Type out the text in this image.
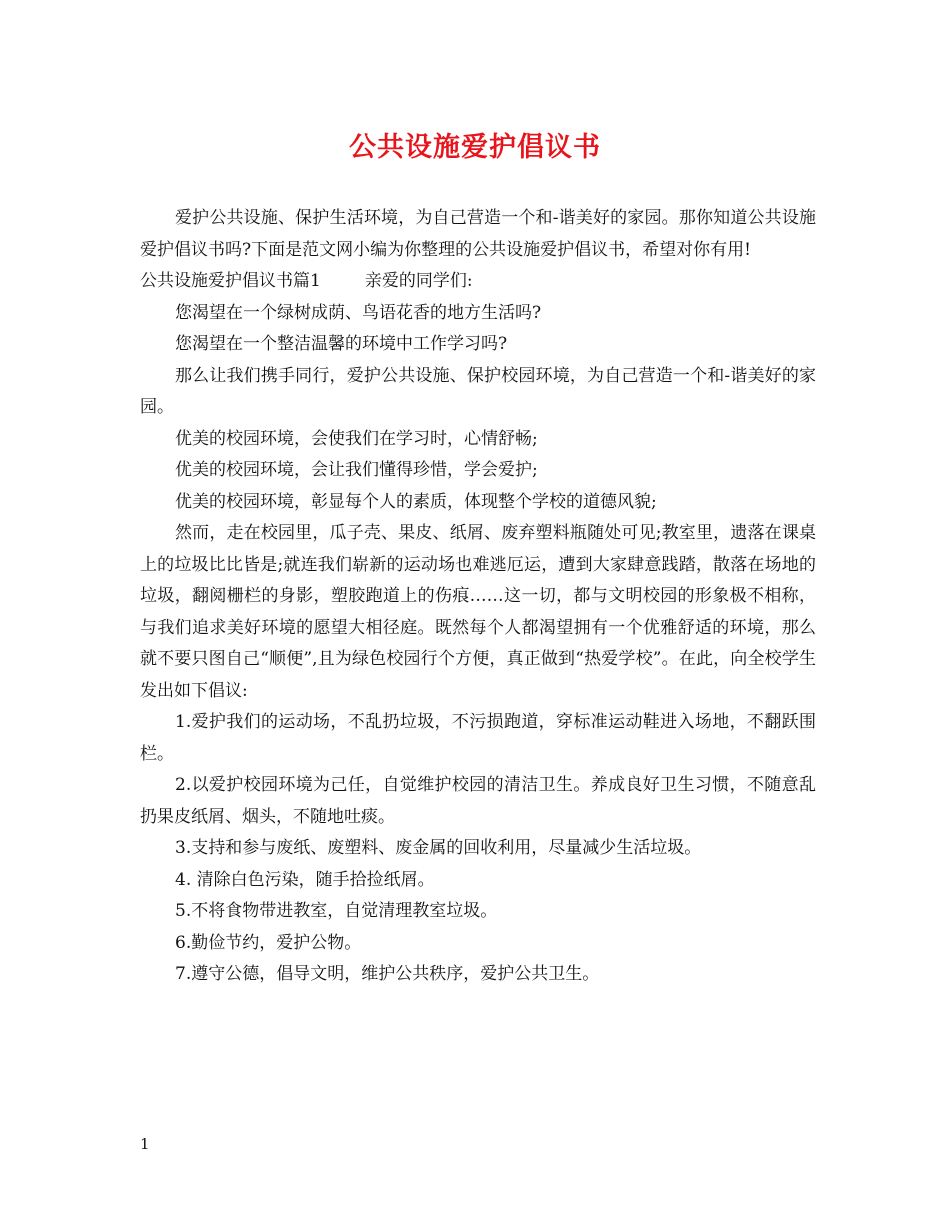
公共设施爱护倡议书

爱护公共设施、保护生活环境，为自己营造一个和-谐美好的家园。那你知道公共设施爱护倡议书吗?下面是范文网小编为你整理的公共设施爱护倡议书，希望对你有用!

公共设施爱护倡议书篇1	亲爱的同学们:

您渴望在一个绿树成荫、鸟语花香的地方生活吗?

您渴望在一个整洁温馨的环境中工作学习吗?

那么让我们携手同行，爱护公共设施、保护校园环境，为自己营造一个和-谐美好的家园。

优美的校园环境，会使我们在学习时，心情舒畅;

优美的校园环境，会让我们懂得珍惜，学会爱护;

优美的校园环境，彰显每个人的素质，体现整个学校的道德风貌;

然而，走在校园里，瓜子壳、果皮、纸屑、废弃塑料瓶随处可见;教室里，遗落在课桌上的垃圾比比皆是;就连我们崭新的运动场也难逃厄运，遭到大家肆意践踏，散落在场地的垃圾，翻阅栅栏的身影，塑胶跑道上的伤痕……这一切，都与文明校园的形象极不相称，与我们追求美好环境的愿望大相径庭。既然每个人都渴望拥有一个优雅舒适的环境，那么就不要只图自己“顺便”,且为绿色校园行个方便，真正做到“热爱学校”。在此，向全校学生发出如下倡议:

1.爱护我们的运动场，不乱扔垃圾，不污损跑道，穿标准运动鞋进入场地，不翻跃围栏。

2.以爱护校园环境为己任，自觉维护校园的清洁卫生。养成良好卫生习惯，不随意乱扔果皮纸屑、烟头，不随地吐痰。

3.支持和参与废纸、废塑料、废金属的回收利用，尽量减少生活垃圾。

4. 清除白色污染，随手拾捡纸屑。

5.不将食物带进教室，自觉清理教室垃圾。

6.勤俭节约，爱护公物。

7.遵守公德，倡导文明，维护公共秩序，爱护公共卫生。

1
